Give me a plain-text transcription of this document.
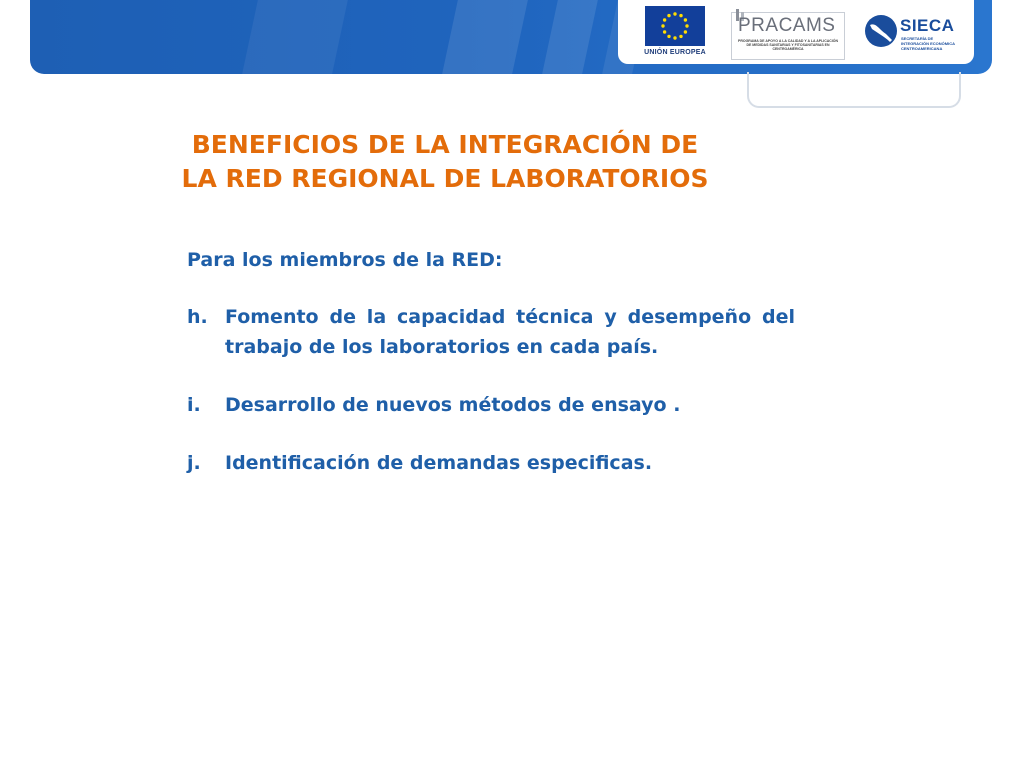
UNIÓN EUROPEA
PRACAMS
PROGRAMA DE APOYO A LA CALIDAD Y A LA APLICACIÓN DE MEDIDAS SANITARIAS Y FITOSANITARIAS EN CENTROAMÉRICA
SIECA
SECRETARÍA DE INTEGRACIÓN ECONÓMICA CENTROAMERICANA
BENEFICIOS DE LA INTEGRACIÓN DE
LA RED REGIONAL DE LABORATORIOS

Para los miembros de la RED:

h. Fomento de la capacidad técnica y desempeño del trabajo de los laboratorios en cada país.
i. Desarrollo de nuevos métodos de ensayo .
j. Identificación de demandas especificas.
